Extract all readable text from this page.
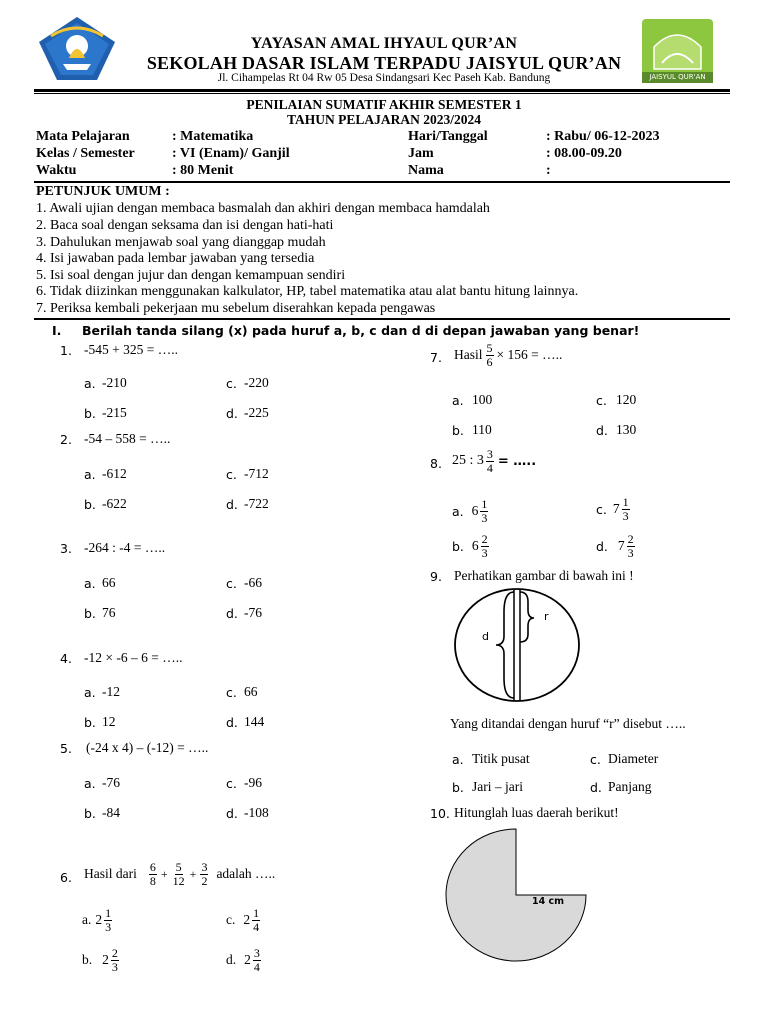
JAISYUL QUR'AN
YAYASAN AMAL IHYAUL QUR’AN
SEKOLAH DASAR ISLAM TERPADU JAISYUL QUR’AN
Jl. Cihampelas Rt 04 Rw 05 Desa Sindangsari Kec Paseh Kab. Bandung
PENILAIAN SUMATIF AKHIR SEMESTER 1
TAHUN PELAJARAN 2023/2024
Mata Pelajaran	: Matematika
Kelas / Semester	: VI (Enam)/ Ganjil
Waktu	: 80 Menit
Hari/Tanggal	: Rabu/ 06-12-2023
Jam	: 08.00-09.20
Nama	:
PETUNJUK UMUM :
1. Awali ujian dengan membaca basmalah dan akhiri dengan membaca hamdalah
2. Baca soal dengan seksama dan isi dengan hati-hati
3. Dahulukan menjawab soal yang dianggap mudah
4. Isi jawaban pada lembar jawaban yang tersedia
5. Isi soal dengan jujur dan dengan kemampuan sendiri
6. Tidak diizinkan menggunakan kalkulator, HP, tabel matematika atau alat bantu hitung lainnya.
7. Periksa kembali pekerjaan mu sebelum diserahkan kepada pengawas
I. Berilah tanda silang (x) pada huruf a, b, c dan d di depan jawaban yang benar!
1. -545 + 325 = …..
a. -210	c. -220
b. -215	d. -225
2. -54 – 558 = …..
a. -612	c. -712
b. -622	d. -722
3. -264 : -4 = …..
a. 66	c. -66
b. 76	d. -76
4. -12 × -6 – 6 = …..
a. -12	c. 66
b. 12	d. 144
5. (-24 x 4) – (-12) = …..
a. -76	c. -96
b. -84	d. -108
6. Hasil dari $\frac{6}{8} + \frac{5}{12} + \frac{3}{2}$ adalah …..
a. $2 \frac{1}{3}$	c. $2 \frac{1}{4}$
b. $2 \frac{2}{3}$	d. $2 \frac{3}{4}$
7. Hasil $\frac{5}{6} \times 156$ = …..
a. 100	c. 120
b. 110	d. 130
8. 25 : $3 \frac{3}{4}$ = …..
a. $6 \frac{1}{3}$	c. $7 \frac{1}{3}$
b. $6 \frac{2}{3}$	d. $7 \frac{2}{3}$
9. Perhatikan gambar di bawah ini !
d
r
Yang ditandai dengan huruf “r” disebut …..
a. Titik pusat	c. Diameter
b. Jari – jari	d. Panjang
10. Hitunglah luas daerah berikut!
14 cm
